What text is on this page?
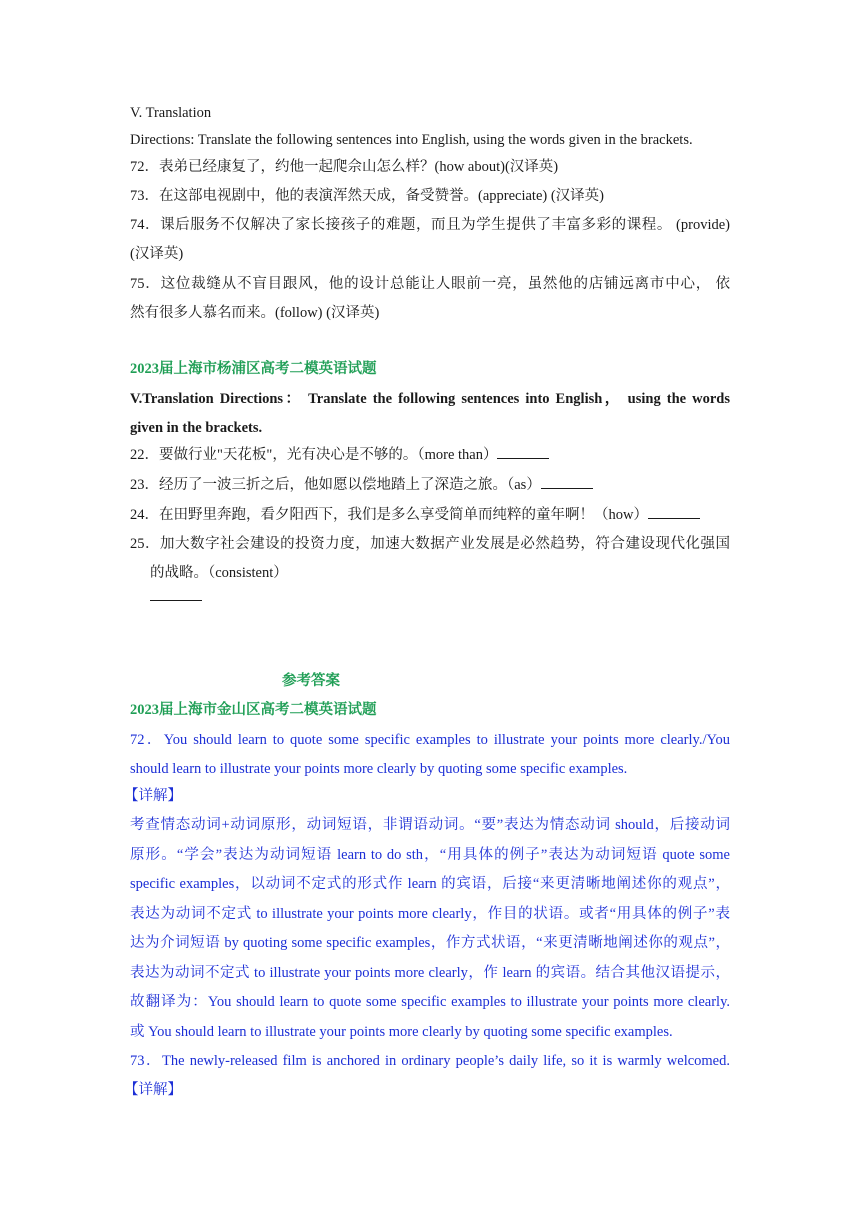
V. Translation
Directions: Translate the following sentences into English, using the words given in the brackets.
72．表弟已经康复了，约他一起爬佘山怎么样？(how about)(汉译英)
73．在这部电视剧中，他的表演浑然天成，备受赞誉。(appreciate) (汉译英)
74．课后服务不仅解决了家长接孩子的难题，而且为学生提供了丰富多彩的课程。 (provide)
(汉译英)
75．这位裁缝从不盲目跟风，他的设计总能让人眼前一亮，虽然他的店铺远离市中心， 依
然有很多人慕名而来。(follow) (汉译英)
2023届上海市杨浦区高考二模英语试题
V.Translation Directions： Translate the following sentences into English， using the words
given in the brackets.
22．要做行业"天花板"，光有决心是不够的。（more than）
23．经历了一波三折之后，他如愿以偿地踏上了深造之旅。（as）
24．在田野里奔跑，看夕阳西下，我们是多么享受简单而纯粹的童年啊！（how）
25．加大数字社会建设的投资力度，加速大数据产业发展是必然趋势，符合建设现代化强国
的战略。（consistent）
参考答案
2023届上海市金山区高考二模英语试题
72．You should learn to quote some specific examples to illustrate your points more clearly./You
should learn to illustrate your points more clearly by quoting some specific examples.
【详解】
考查情态动词+动词原形，动词短语，非谓语动词。“要”表达为情态动词 should，后接动词
原形。“学会”表达为动词短语 learn to do sth，“用具体的例子”表达为动词短语 quote some
specific examples，以动词不定式的形式作 learn 的宾语，后接“来更清晰地阐述你的观点”，
表达为动词不定式 to illustrate your points more clearly，作目的状语。或者“用具体的例子”表
达为介词短语 by quoting some specific examples，作方式状语，“来更清晰地阐述你的观点”，
表达为动词不定式 to illustrate your points more clearly，作 learn 的宾语。结合其他汉语提示，
故翻译为：You should learn to quote some specific examples to illustrate your points more clearly.
或 You should learn to illustrate your points more clearly by quoting some specific examples.
73．The newly-released film is anchored in ordinary people’s daily life, so it is warmly welcomed.
【详解】
